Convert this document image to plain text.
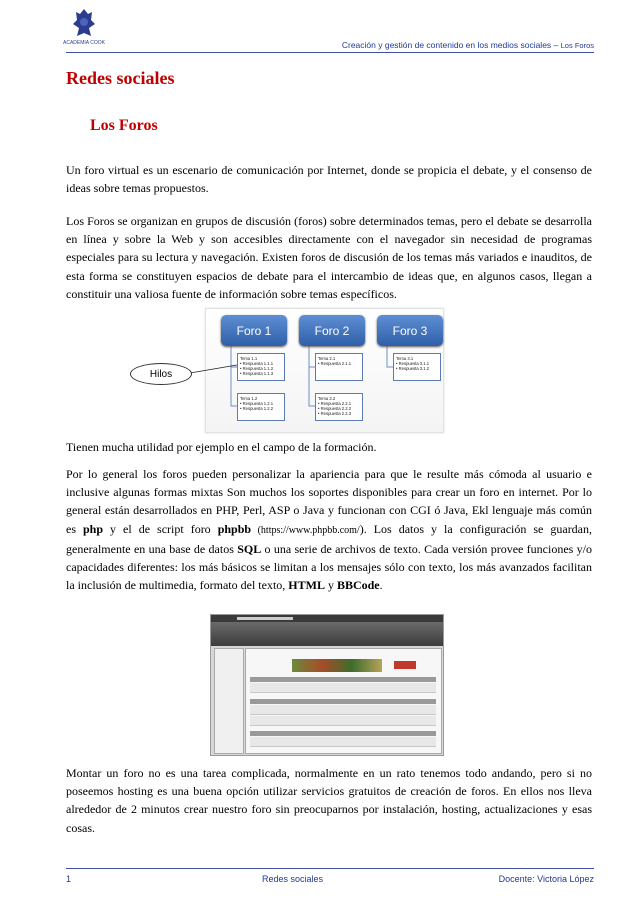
ACADEMIA COOK	Creación y gestión de contenido en los medios sociales – Los Foros
Redes sociales
Los Foros

Un foro virtual es un escenario de comunicación por Internet, donde se propicia el debate, y el consenso de ideas sobre temas propuestos.

Los Foros se organizan en grupos de discusión (foros) sobre determinados temas, pero el debate se desarrolla en línea y sobre la Web y son accesibles directamente con el navegador sin necesidad de programas especiales para su lectura y navegación. Existen foros de discusión de los temas más variados e inauditos, de esta forma se constituyen espacios de debate para el intercambio de ideas que, en algunos casos, llegan a constituir una valiosa fuente de información sobre temas específicos.

Foro 1	Foro 2	Foro 3
Tema 1.1
• Respuesta 1.1.1
• Respuesta 1.1.2
• Respuesta 1.1.3
Tema 1.2
• Respuesta 1.2.1
• Respuesta 1.2.2
Tema 2.1
• Respuesta 2.1.1
Tema 2.2
• Respuesta 2.2.1
• Respuesta 2.2.2
• Respuesta 2.2.3
Tema 3.1
• Respuesta 3.1.1
• Respuesta 3.1.2
Hilos

Tienen mucha utilidad por ejemplo en el campo de la formación.

Por lo general los foros pueden personalizar la apariencia para que le resulte más cómoda al usuario e inclusive algunas formas mixtas Son muchos los soportes disponibles para crear un foro en internet. Por lo general están desarrollados en PHP, Perl, ASP o Java y funcionan con CGI ó Java, Ekl lenguaje más común es php y el de script foro phpbb (https://www.phpbb.com/). Los datos y la configuración se guardan, generalmente en una base de datos SQL o una serie de archivos de texto. Cada versión provee funciones y/o capacidades diferentes: los más básicos se limitan a los mensajes sólo con texto, los más avanzados facilitan la inclusión de multimedia, formato del texto, HTML y BBCode.

Montar un foro no es una tarea complicada, normalmente en un rato tenemos todo andando, pero si no poseemos hosting es una buena opción utilizar servicios gratuitos de creación de foros. En ellos nos lleva alrededor de 2 minutos crear nuestro foro sin preocuparnos por instalación, hosting, actualizaciones y esas cosas.

1	Redes sociales	Docente: Victoria López
